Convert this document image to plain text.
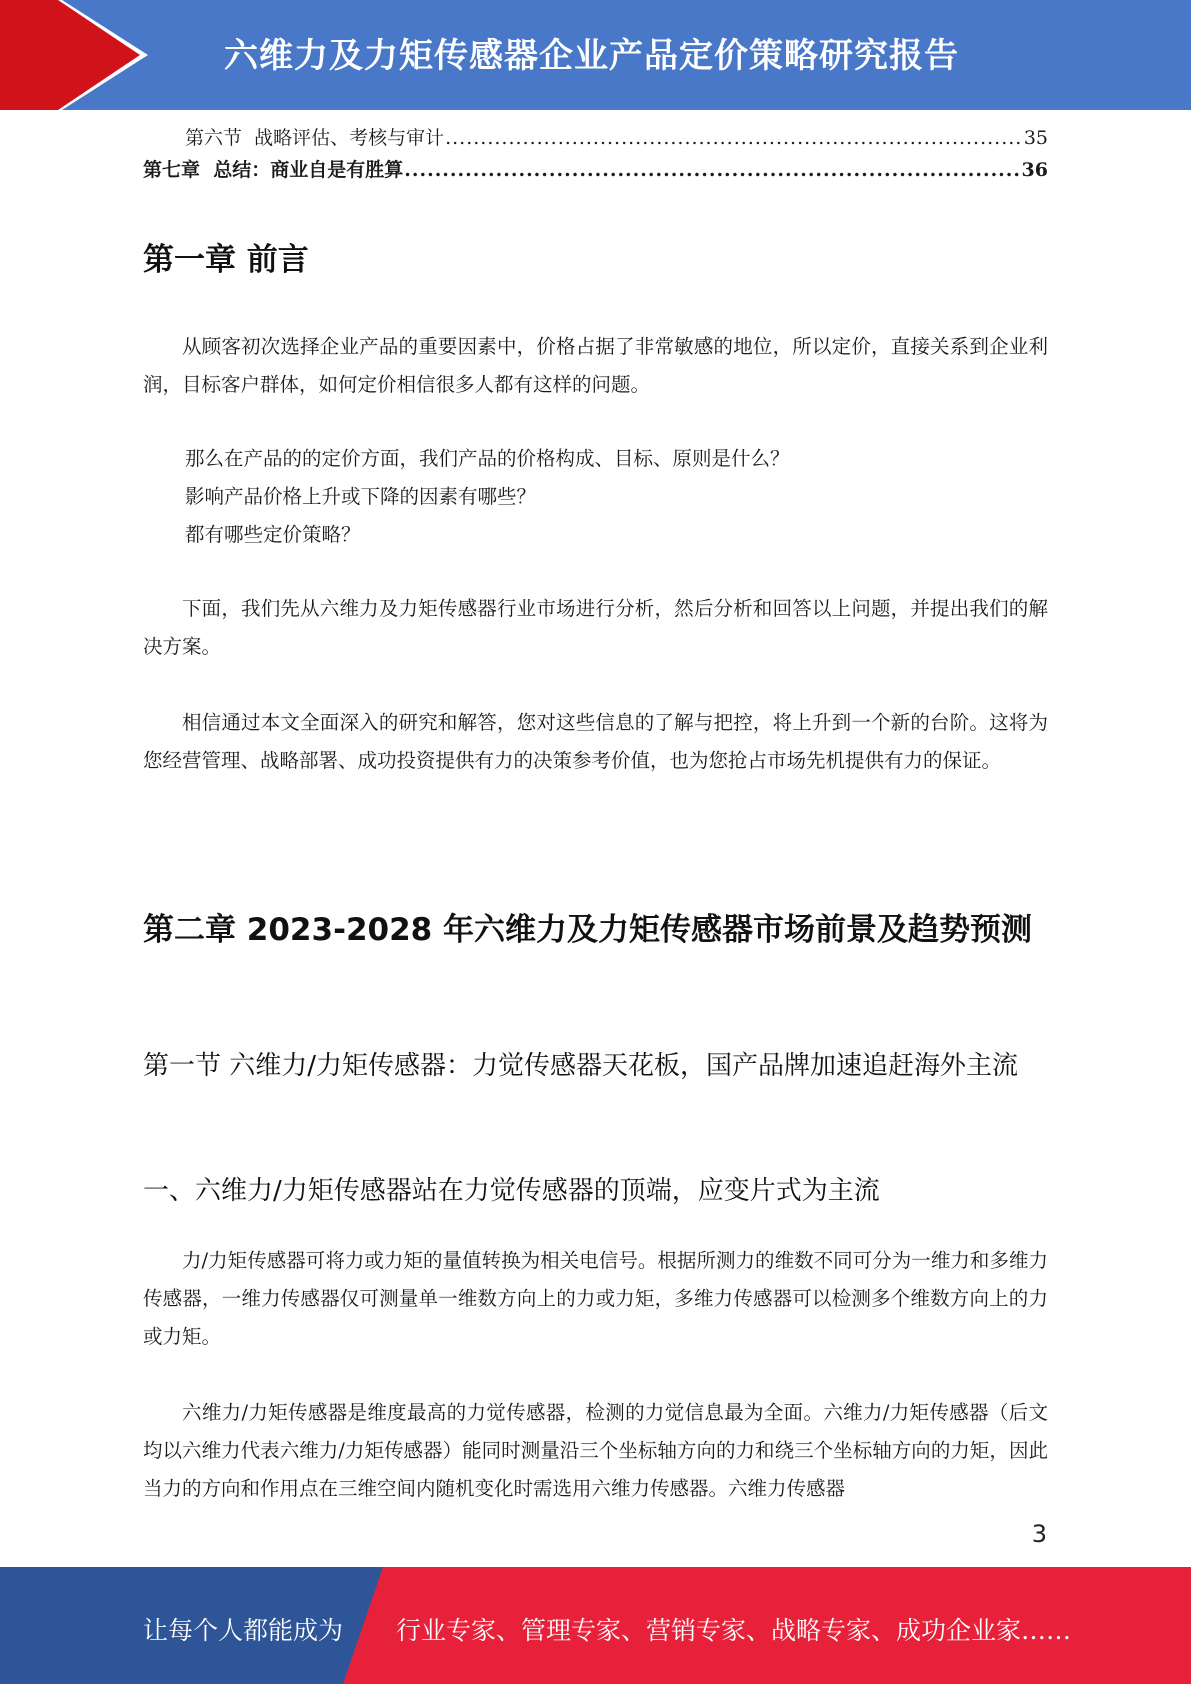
六维力及力矩传感器企业产品定价策略研究报告
第六节  战略评估、考核与审计 .....	35
第七章  总结：商业自是有胜算 .....	36
第一章 前言

从顾客初次选择企业产品的重要因素中，价格占据了非常敏感的地位，所以定价，直接关系到企业利润，目标客户群体，如何定价相信很多人都有这样的问题。

那么在产品的的定价方面，我们产品的价格构成、目标、原则是什么？

影响产品价格上升或下降的因素有哪些？

都有哪些定价策略？

下面，我们先从六维力及力矩传感器行业市场进行分析，然后分析和回答以上问题，并提出我们的解决方案。

相信通过本文全面深入的研究和解答，您对这些信息的了解与把控，将上升到一个新的台阶。这将为您经营管理、战略部署、成功投资提供有力的决策参考价值，也为您抢占市场先机提供有力的保证。

第二章 2023-2028 年六维力及力矩传感器市场前景及趋势预测
第一节 六维力/力矩传感器：力觉传感器天花板，国产品牌加速追赶海外主流
一、六维力/力矩传感器站在力觉传感器的顶端，应变片式为主流

力/力矩传感器可将力或力矩的量值转换为相关电信号。根据所测力的维数不同可分为一维力和多维力传感器，一维力传感器仅可测量单一维数方向上的力或力矩，多维力传感器可以检测多个维数方向上的力或力矩。

六维力/力矩传感器是维度最高的力觉传感器，检测的力觉信息最为全面。六维力/力矩传感器（后文均以六维力代表六维力/力矩传感器）能同时测量沿三个坐标轴方向的力和绕三个坐标轴方向的力矩，因此当力的方向和作用点在三维空间内随机变化时需选用六维力传感器。六维力传感器

3
让每个人都能成为 行业专家、管理专家、营销专家、战略专家、成功企业家……
